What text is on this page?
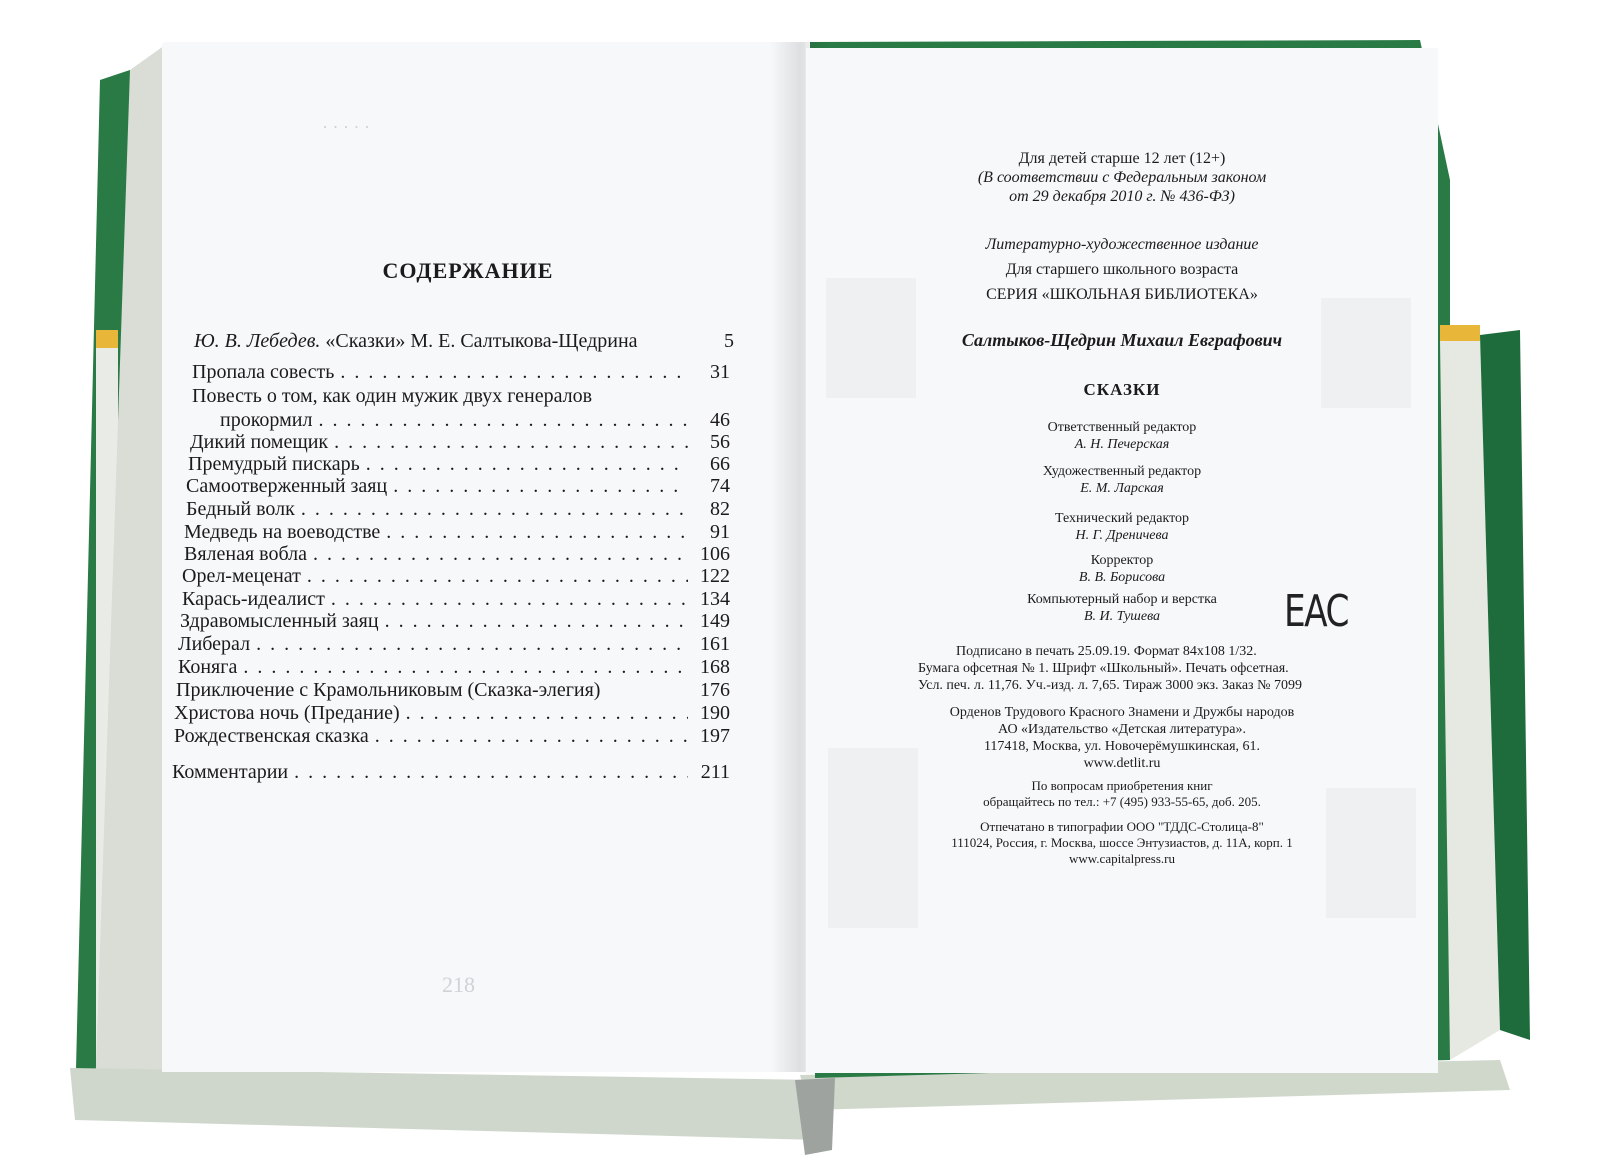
· · · · ·
218
СОДЕРЖАНИЕ
Ю. В. Лебедев. «Сказки» М. Е. Салтыкова-Щедрина	5
Пропала совесть . . .	31
Повесть о том, как один мужик двух генералов
прокормил . . .	46
Дикий помещик . . .	56
Премудрый пискарь . . .	66
Самоотверженный заяц . . .	74
Бедный волк . . .	82
Медведь на воеводстве . . .	91
Вяленая вобла . . .	106
Орел-меценат . . .	122
Карась-идеалист . . .	134
Здравомысленный заяц . . .	149
Либерал . . .	161
Коняга . . .	168
Приключение с Крамольниковым (Сказка-элегия)	176
Христова ночь (Предание) . . .	190
Рождественская сказка . . .	197
Комментарии . . .	211
Для детей старше 12 лет (12+)
(В соответствии с Федеральным законом
от 29 декабря 2010 г. № 436-ФЗ)
Литературно-художественное издание
Для старшего школьного возраста
СЕРИЯ «ШКОЛЬНАЯ БИБЛИОТЕКА»
Салтыков-Щедрин Михаил Евграфович
СКАЗКИ
Ответственный редактор
А. Н. Печерская
Художественный редактор
Е. М. Ларская
Технический редактор
Н. Г. Дреничева
Корректор
В. В. Борисова
Компьютерный набор и верстка
В. И. Тушева	EAC
Подписано в печать 25.09.19. Формат 84x108 1/32.
Бумага офсетная № 1. Шрифт «Школьный». Печать офсетная.
Усл. печ. л. 11,76. Уч.-изд. л. 7,65. Тираж 3000 экз. Заказ № 7099
Орденов Трудового Красного Знамени и Дружбы народов
АО «Издательство «Детская литература».
117418, Москва, ул. Новочерёмушкинская, 61.
www.detlit.ru
По вопросам приобретения книг
обращайтесь по тел.: +7 (495) 933-55-65, доб. 205.
Отпечатано в типографии ООО "ТДДС-Столица-8"
111024, Россия, г. Москва, шоссе Энтузиастов, д. 11А, корп. 1
www.capitalpress.ru
